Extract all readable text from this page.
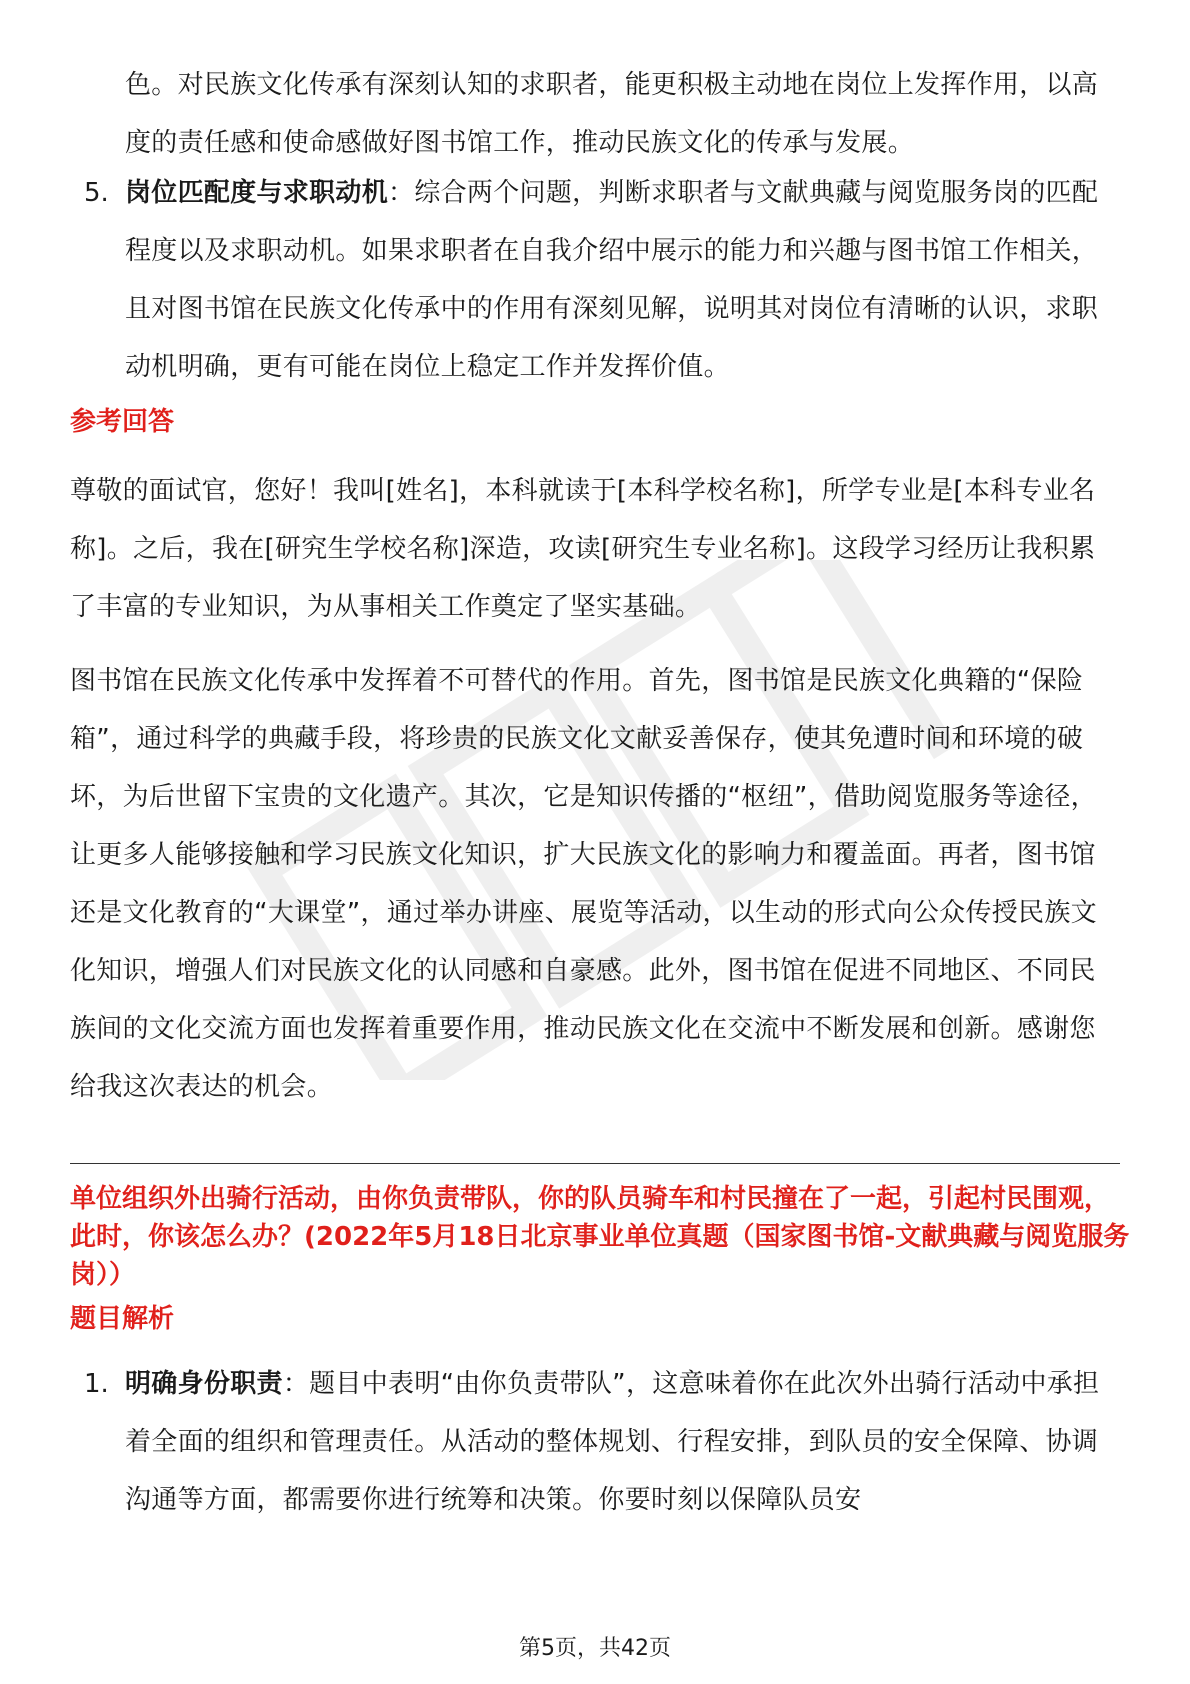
色。对民族文化传承有深刻认知的求职者，能更积极主动地在岗位上发挥作用，以高度的责任感和使命感做好图书馆工作，推动民族文化的传承与发展。
5. 岗位匹配度与求职动机：综合两个问题，判断求职者与文献典藏与阅览服务岗的匹配程度以及求职动机。如果求职者在自我介绍中展示的能力和兴趣与图书馆工作相关，且对图书馆在民族文化传承中的作用有深刻见解，说明其对岗位有清晰的认识，求职动机明确，更有可能在岗位上稳定工作并发挥价值。
参考回答
尊敬的面试官，您好！我叫[姓名]，本科就读于[本科学校名称]，所学专业是[本科专业名称]。之后，我在[研究生学校名称]深造，攻读[研究生专业名称]。这段学习经历让我积累了丰富的专业知识，为从事相关工作奠定了坚实基础。
图书馆在民族文化传承中发挥着不可替代的作用。首先，图书馆是民族文化典籍的“保险箱”，通过科学的典藏手段，将珍贵的民族文化文献妥善保存，使其免遭时间和环境的破坏，为后世留下宝贵的文化遗产。其次，它是知识传播的“枢纽”，借助阅览服务等途径，让更多人能够接触和学习民族文化知识，扩大民族文化的影响力和覆盖面。再者，图书馆还是文化教育的“大课堂”，通过举办讲座、展览等活动，以生动的形式向公众传授民族文化知识，增强人们对民族文化的认同感和自豪感。此外，图书馆在促进不同地区、不同民族间的文化交流方面也发挥着重要作用，推动民族文化在交流中不断发展和创新。感谢您给我这次表达的机会。
单位组织外出骑行活动，由你负责带队，你的队员骑车和村民撞在了一起，引起村民围观，此时，你该怎么办？(2022年5月18日北京事业单位真题（国家图书馆-文献典藏与阅览服务岗））
题目解析
1. 明确身份职责：题目中表明“由你负责带队”，这意味着你在此次外出骑行活动中承担着全面的组织和管理责任。从活动的整体规划、行程安排，到队员的安全保障、协调沟通等方面，都需要你进行统筹和决策。你要时刻以保障队员安
第5页，共42页
